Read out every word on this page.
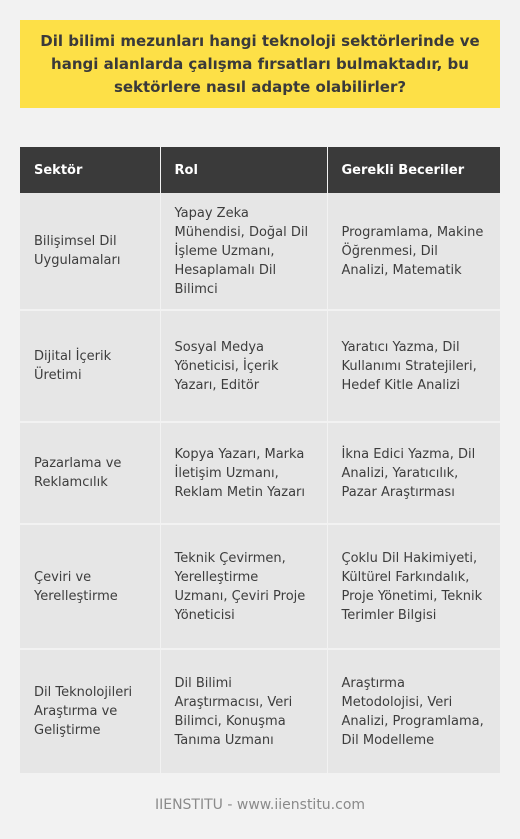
Dil bilimi mezunları hangi teknoloji sektörlerinde ve hangi alanlarda çalışma fırsatları bulmaktadır, bu sektörlere nasıl adapte olabilirler?

Sektör	Rol	Gerekli Beceriler
Bilişimsel Dil Uygulamaları	Yapay Zeka Mühendisi, Doğal Dil İşleme Uzmanı, Hesaplamalı Dil Bilimci	Programlama, Makine Öğrenmesi, Dil Analizi, Matematik
Dijital İçerik Üretimi	Sosyal Medya Yöneticisi, İçerik Yazarı, Editör	Yaratıcı Yazma, Dil Kullanımı Stratejileri, Hedef Kitle Analizi
Pazarlama ve Reklamcılık	Kopya Yazarı, Marka İletişim Uzmanı, Reklam Metin Yazarı	İkna Edici Yazma, Dil Analizi, Yaratıcılık, Pazar Araştırması
Çeviri ve Yerelleştirme	Teknik Çevirmen, Yerelleştirme Uzmanı, Çeviri Proje Yöneticisi	Çoklu Dil Hakimiyeti, Kültürel Farkındalık, Proje Yönetimi, Teknik Terimler Bilgisi
Dil Teknolojileri Araştırma ve Geliştirme	Dil Bilimi Araştırmacısı, Veri Bilimci, Konuşma Tanıma Uzmanı	Araştırma Metodolojisi, Veri Analizi, Programlama, Dil Modelleme
IIENSTITU - www.iienstitu.com
